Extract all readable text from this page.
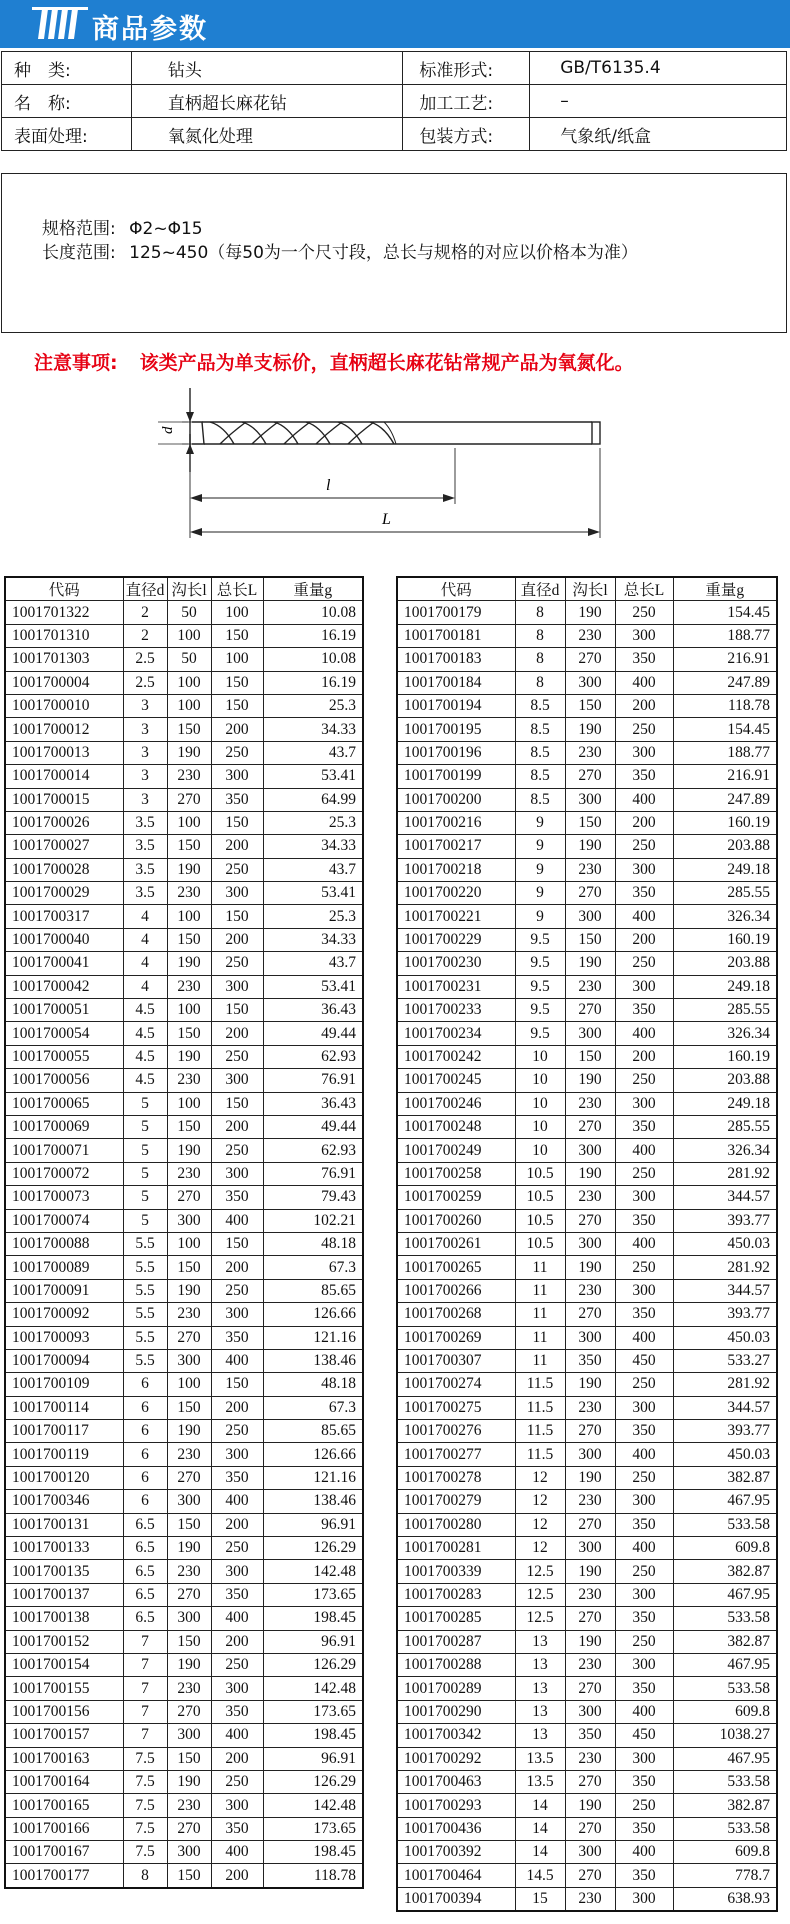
商品参数
种　类:	钻头	标准形式:	GB/T6135.4
名　称:	直柄超长麻花钻	加工工艺:	–
表面处理:	氧氮化处理	包装方式:	气象纸/纸盒
规格范围: Φ2~Φ15
长度范围: 125~450（每50为一个尺寸段，总长与规格的对应以价格本为准）
注意事项: 该类产品为单支标价，直柄超长麻花钻常规产品为氧氮化。
d
l
L
代码	直径d	沟长l	总长L	重量g
1001701322	2	50	100	10.08
1001701310	2	100	150	16.19
1001701303	2.5	50	100	10.08
1001700004	2.5	100	150	16.19
1001700010	3	100	150	25.3
1001700012	3	150	200	34.33
1001700013	3	190	250	43.7
1001700014	3	230	300	53.41
1001700015	3	270	350	64.99
1001700026	3.5	100	150	25.3
1001700027	3.5	150	200	34.33
1001700028	3.5	190	250	43.7
1001700029	3.5	230	300	53.41
1001700317	4	100	150	25.3
1001700040	4	150	200	34.33
1001700041	4	190	250	43.7
1001700042	4	230	300	53.41
1001700051	4.5	100	150	36.43
1001700054	4.5	150	200	49.44
1001700055	4.5	190	250	62.93
1001700056	4.5	230	300	76.91
1001700065	5	100	150	36.43
1001700069	5	150	200	49.44
1001700071	5	190	250	62.93
1001700072	5	230	300	76.91
1001700073	5	270	350	79.43
1001700074	5	300	400	102.21
1001700088	5.5	100	150	48.18
1001700089	5.5	150	200	67.3
1001700091	5.5	190	250	85.65
1001700092	5.5	230	300	126.66
1001700093	5.5	270	350	121.16
1001700094	5.5	300	400	138.46
1001700109	6	100	150	48.18
1001700114	6	150	200	67.3
1001700117	6	190	250	85.65
1001700119	6	230	300	126.66
1001700120	6	270	350	121.16
1001700346	6	300	400	138.46
1001700131	6.5	150	200	96.91
1001700133	6.5	190	250	126.29
1001700135	6.5	230	300	142.48
1001700137	6.5	270	350	173.65
1001700138	6.5	300	400	198.45
1001700152	7	150	200	96.91
1001700154	7	190	250	126.29
1001700155	7	230	300	142.48
1001700156	7	270	350	173.65
1001700157	7	300	400	198.45
1001700163	7.5	150	200	96.91
1001700164	7.5	190	250	126.29
1001700165	7.5	230	300	142.48
1001700166	7.5	270	350	173.65
1001700167	7.5	300	400	198.45
1001700177	8	150	200	118.78
代码	直径d	沟长l	总长L	重量g
1001700179	8	190	250	154.45
1001700181	8	230	300	188.77
1001700183	8	270	350	216.91
1001700184	8	300	400	247.89
1001700194	8.5	150	200	118.78
1001700195	8.5	190	250	154.45
1001700196	8.5	230	300	188.77
1001700199	8.5	270	350	216.91
1001700200	8.5	300	400	247.89
1001700216	9	150	200	160.19
1001700217	9	190	250	203.88
1001700218	9	230	300	249.18
1001700220	9	270	350	285.55
1001700221	9	300	400	326.34
1001700229	9.5	150	200	160.19
1001700230	9.5	190	250	203.88
1001700231	9.5	230	300	249.18
1001700233	9.5	270	350	285.55
1001700234	9.5	300	400	326.34
1001700242	10	150	200	160.19
1001700245	10	190	250	203.88
1001700246	10	230	300	249.18
1001700248	10	270	350	285.55
1001700249	10	300	400	326.34
1001700258	10.5	190	250	281.92
1001700259	10.5	230	300	344.57
1001700260	10.5	270	350	393.77
1001700261	10.5	300	400	450.03
1001700265	11	190	250	281.92
1001700266	11	230	300	344.57
1001700268	11	270	350	393.77
1001700269	11	300	400	450.03
1001700307	11	350	450	533.27
1001700274	11.5	190	250	281.92
1001700275	11.5	230	300	344.57
1001700276	11.5	270	350	393.77
1001700277	11.5	300	400	450.03
1001700278	12	190	250	382.87
1001700279	12	230	300	467.95
1001700280	12	270	350	533.58
1001700281	12	300	400	609.8
1001700339	12.5	190	250	382.87
1001700283	12.5	230	300	467.95
1001700285	12.5	270	350	533.58
1001700287	13	190	250	382.87
1001700288	13	230	300	467.95
1001700289	13	270	350	533.58
1001700290	13	300	400	609.8
1001700342	13	350	450	1038.27
1001700292	13.5	230	300	467.95
1001700463	13.5	270	350	533.58
1001700293	14	190	250	382.87
1001700436	14	270	350	533.58
1001700392	14	300	400	609.8
1001700464	14.5	270	350	778.7
1001700394	15	230	300	638.93
